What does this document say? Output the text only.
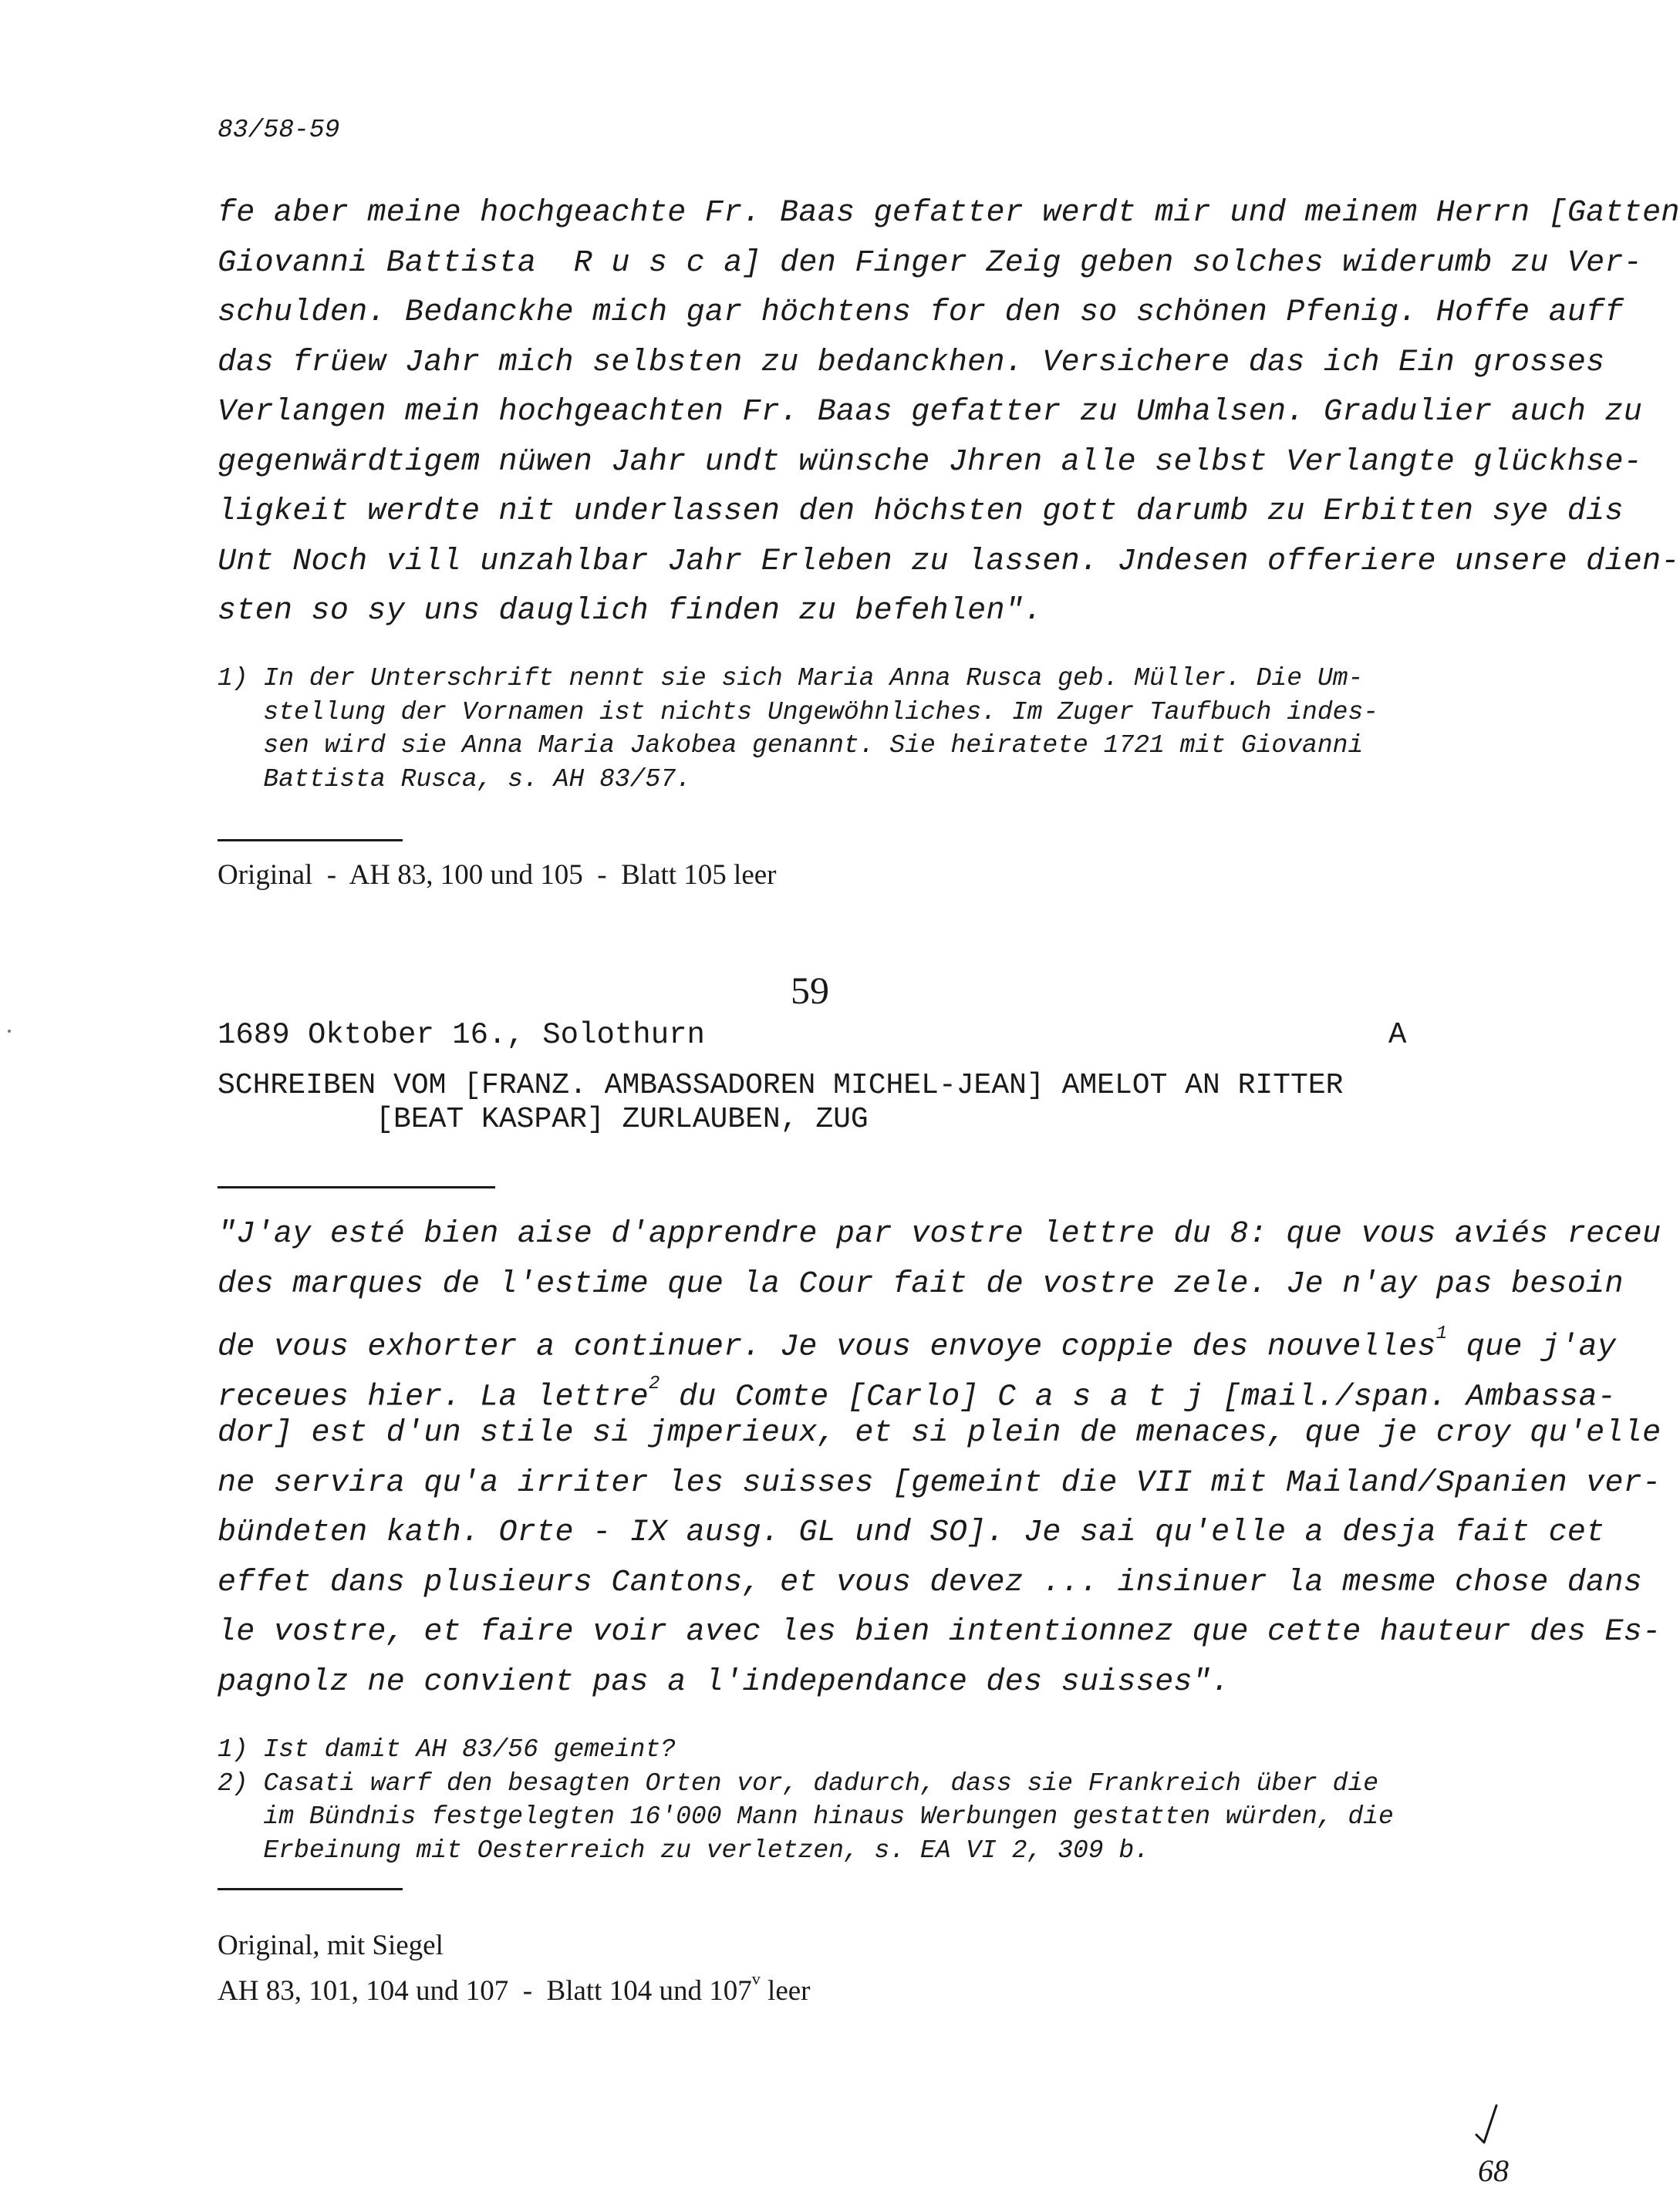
83/58-59
fe aber meine hochgeachte Fr. Baas gefatter werdt mir und meinem Herrn [Gatten
Giovanni Battista  R u s c a] den Finger Zeig geben solches widerumb zu Ver-
schulden. Bedanckhe mich gar höchtens for den so schönen Pfenig. Hoffe auff
das früew Jahr mich selbsten zu bedanckhen. Versichere das ich Ein grosses
Verlangen mein hochgeachten Fr. Baas gefatter zu Umhalsen. Gradulier auch zu
gegenwärdtigem nüwen Jahr undt wünsche Jhren alle selbst Verlangte glückhse-
ligkeit werdte nit underlassen den höchsten gott darumb zu Erbitten sye dis
Unt Noch vill unzahlbar Jahr Erleben zu lassen. Jndesen offeriere unsere dien-
sten so sy uns dauglich finden zu befehlen".
1) In der Unterschrift nennt sie sich Maria Anna Rusca geb. Müller. Die Um-
stellung der Vornamen ist nichts Ungewöhnliches. Im Zuger Taufbuch indes-
sen wird sie Anna Maria Jakobea genannt. Sie heiratete 1721 mit Giovanni
Battista Rusca, s. AH 83/57.
Original  -  AH 83, 100 und 105  -  Blatt 105 leer
59
1689 Oktober 16., Solothurn	A
SCHREIBEN VOM [FRANZ. AMBASSADOREN MICHEL-JEAN] AMELOT AN RITTER
[BEAT KASPAR] ZURLAUBEN, ZUG
"J'ay esté bien aise d'apprendre par vostre lettre du 8: que vous aviés receu
des marques de l'estime que la Cour fait de vostre zele. Je n'ay pas besoin
de vous exhorter a continuer. Je vous envoye coppie des nouvelles$^1$ que j'ay
receues hier. La lettre$^2$ du Comte [Carlo] C a s a t j [mail./span. Ambassa-
dor] est d'un stile si jmperieux, et si plein de menaces, que je croy qu'elle
ne servira qu'a irriter les suisses [gemeint die VII mit Mailand/Spanien ver-
bündeten kath. Orte - IX ausg. GL und SO]. Je sai qu'elle a desja fait cet
effet dans plusieurs Cantons, et vous devez ... insinuer la mesme chose dans
le vostre, et faire voir avec les bien intentionnez que cette hauteur des Es-
pagnolz ne convient pas a l'independance des suisses".
1) Ist damit AH 83/56 gemeint?
2) Casati warf den besagten Orten vor, dadurch, dass sie Frankreich über die
im Bündnis festgelegten 16'000 Mann hinaus Werbungen gestatten würden, die
Erbeinung mit Oesterreich zu verletzen, s. EA VI 2, 309 b.
Original, mit Siegel
AH 83, 101, 104 und 107  -  Blatt 104 und 107$^v$ leer
68
